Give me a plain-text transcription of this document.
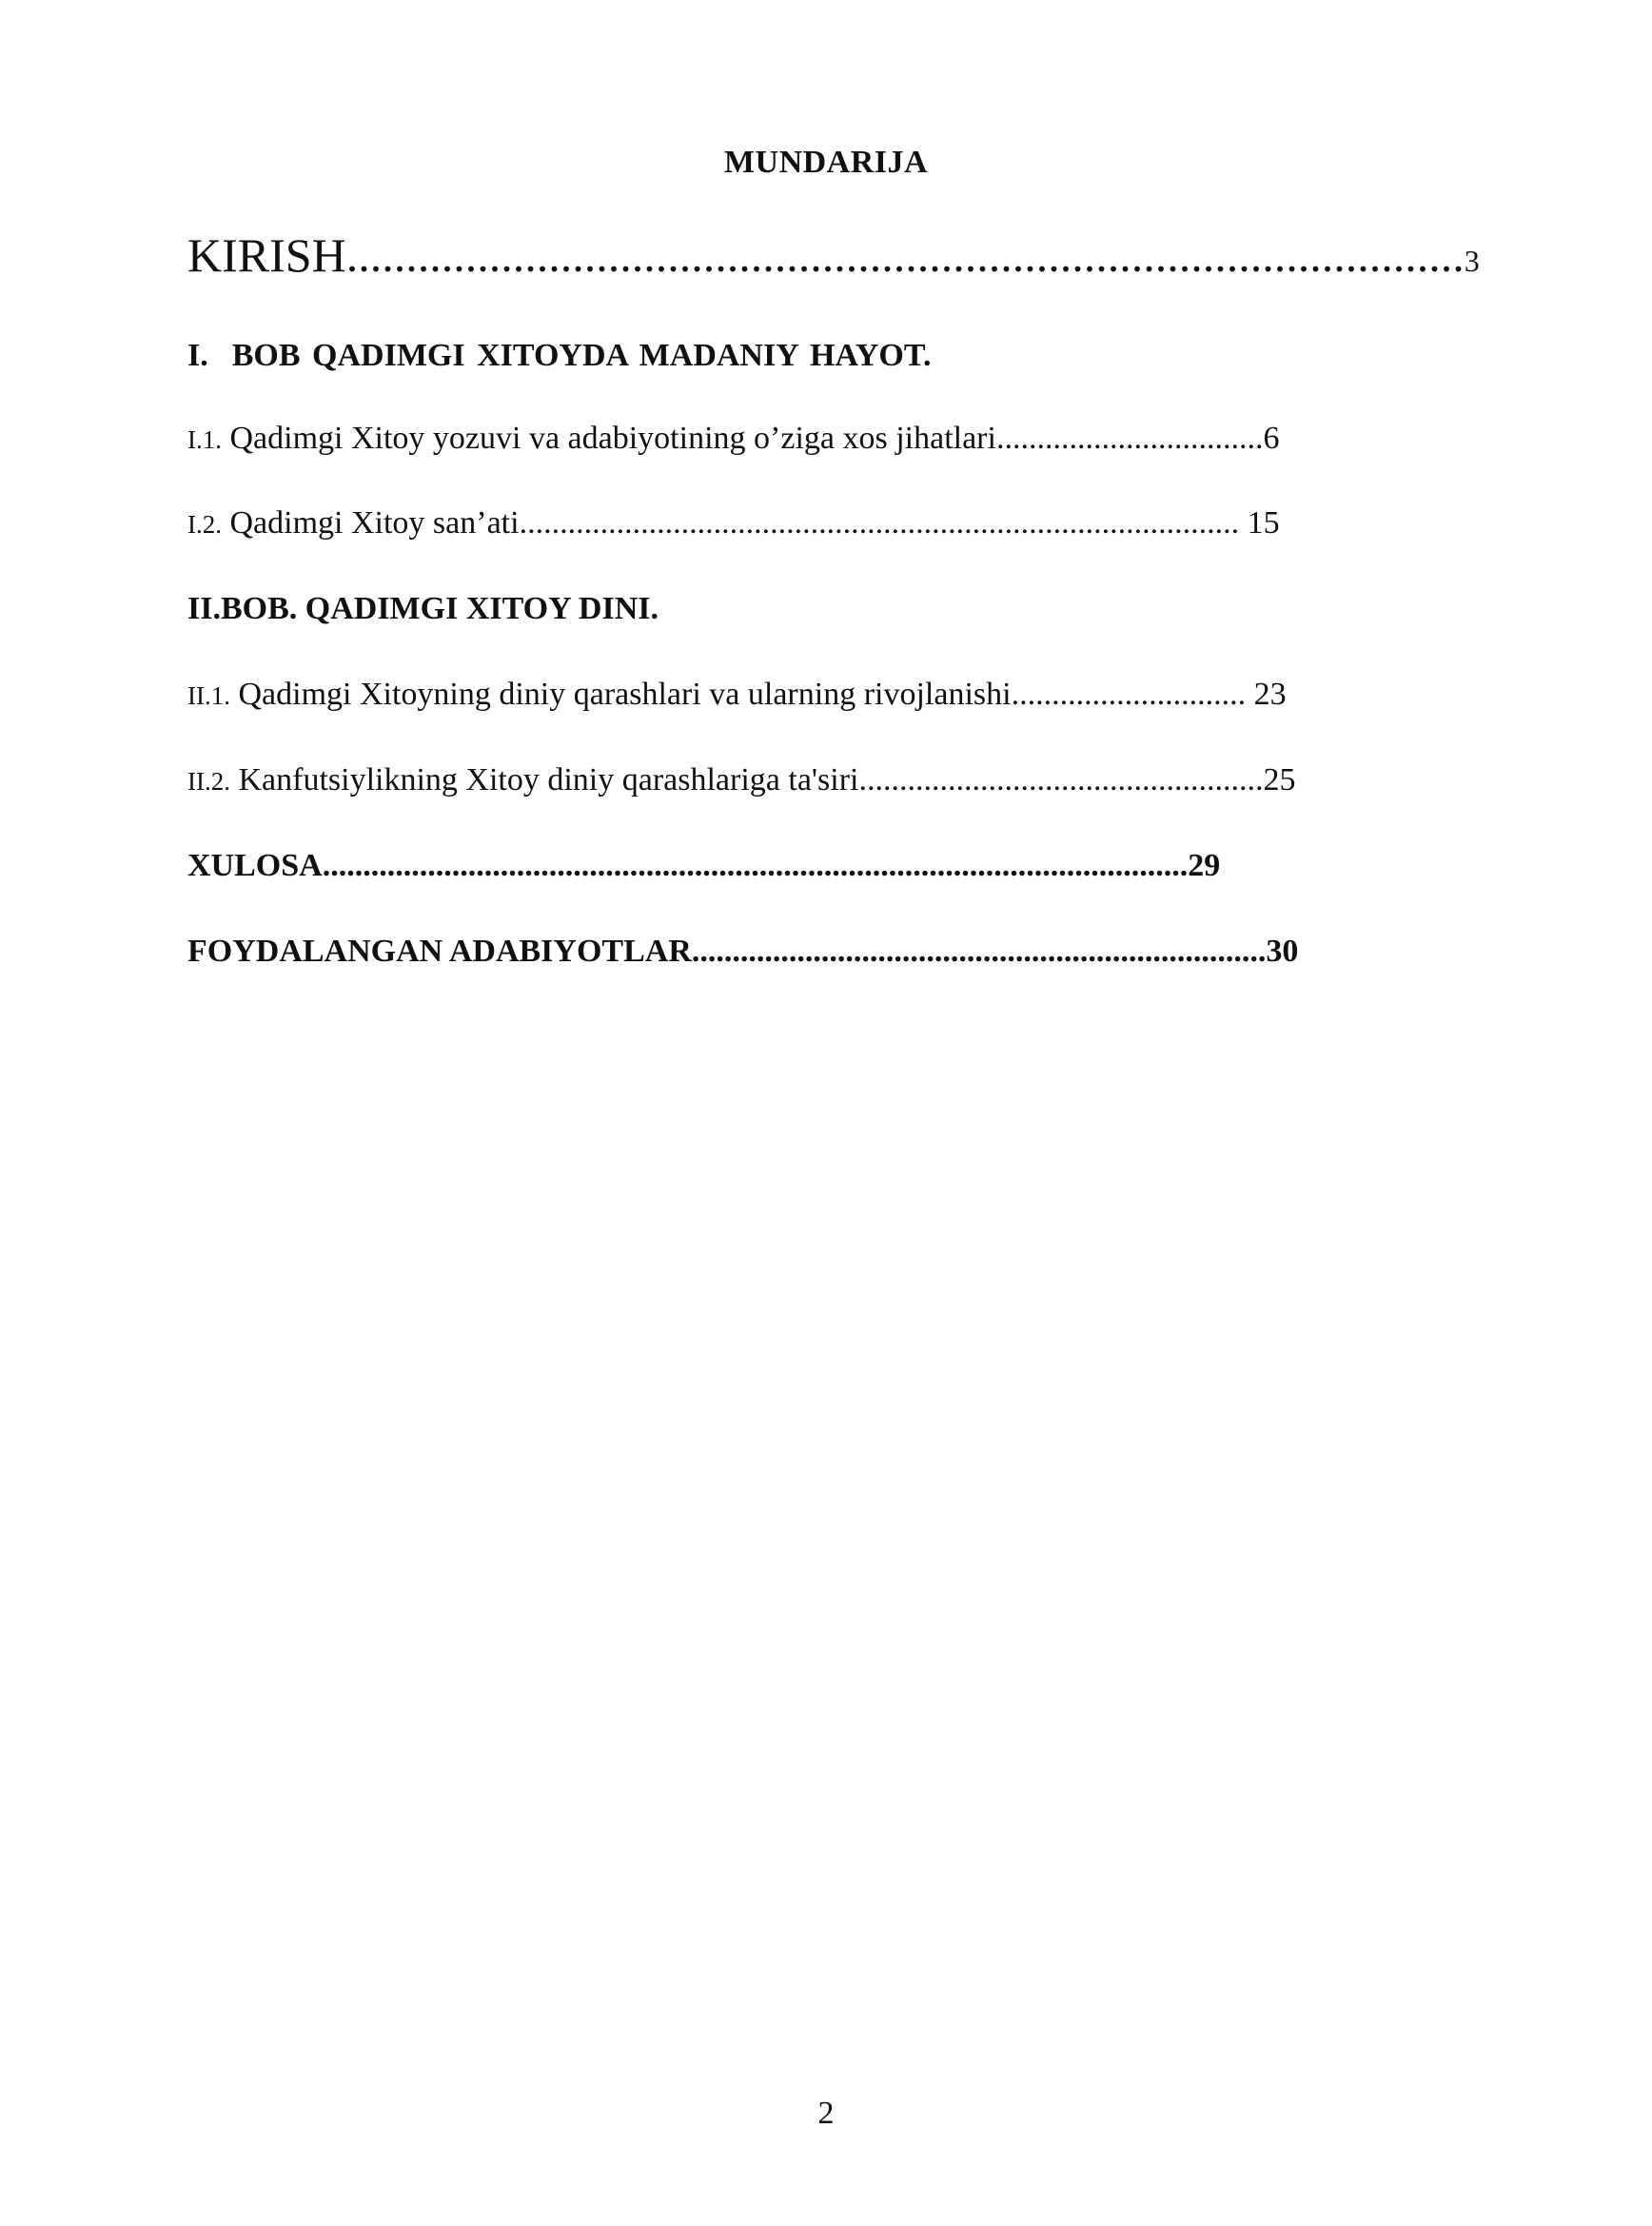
MUNDARIJA
KIRISH..............................................................................................3
I. BOB QADIMGI XITOYDA MADANIY HAYOT.
I.1. Qadimgi Xitoy yozuvi va adabiyotining o’ziga xos jihatlari.................................6
I.2. Qadimgi Xitoy san’ati......................................................................................... 15
II.BOB. QADIMGI XITOY DINI.
II.1. Qadimgi Xitoyning diniy qarashlari va ularning rivojlanishi............................. 23
II.2. Kanfutsiylikning Xitoy diniy qarashlariga ta'siri..................................................25
XULOSA...........................................................................................................29
FOYDALANGAN ADABIYOTLAR.......................................................................30
2
